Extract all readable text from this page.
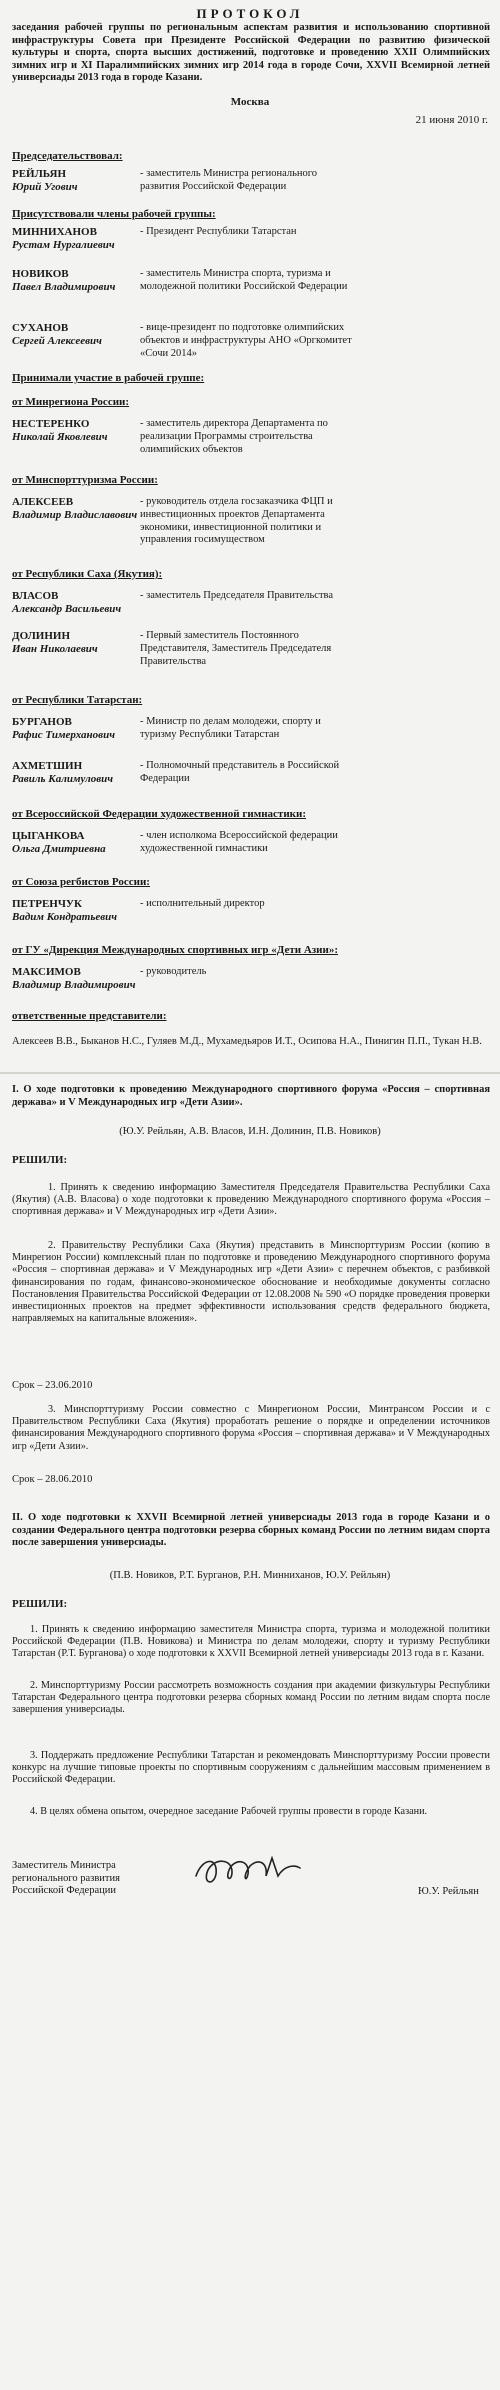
ПРОТОКОЛ
заседания рабочей группы по региональным аспектам развития и использованию спортивной инфраструктуры Совета при Президенте Российской Федерации по развитию физической культуры и спорта, спорта высших достижений, подготовке и проведению XXII Олимпийских зимних игр и XI Паралимпийских зимних игр 2014 года в городе Сочи, XXVII Всемирной летней универсиады 2013 года в городе Казани.
Москва
21 июня 2010 г.
Председательствовал:
РЕЙЛЬЯН
Юрий Угович
- заместитель Министра регионального развития Российской Федерации
Присутствовали члены рабочей группы:
МИННИХАНОВ
Рустам Нургалиевич
- Президент Республики Татарстан
НОВИКОВ
Павел Владимирович
- заместитель Министра спорта, туризма и молодежной политики Российской Федерации
СУХАНОВ
Сергей Алексеевич
- вице-президент по подготовке олимпийских объектов и инфраструктуры АНО «Оргкомитет «Сочи 2014»
Принимали участие в рабочей группе:
от Минрегиона России:
НЕСТЕРЕНКО
Николай Яковлевич
- заместитель директора Департамента по реализации Программы строительства олимпийских объектов
от Минспорттуризма России:
АЛЕКСЕЕВ
Владимир Владиславович
- руководитель отдела госзаказчика ФЦП и инвестиционных проектов Департамента экономики, инвестиционной политики и управления госимуществом
от Республики Саха (Якутия):
ВЛАСОВ
Александр Васильевич
- заместитель Председателя Правительства
ДОЛИНИН
Иван Николаевич
- Первый заместитель Постоянного Представителя, Заместитель Председателя Правительства
от Республики Татарстан:
БУРГАНОВ
Рафис Тимерханович
- Министр по делам молодежи, спорту и туризму Республики Татарстан
АХМЕТШИН
Равиль Калимулович
- Полномочный представитель в Российской Федерации
от Всероссийской Федерации художественной гимнастики:
ЦЫГАНКОВА
Ольга Дмитриевна
- член исполкома Всероссийской федерации художественной гимнастики
от Союза регбистов России:
ПЕТРЕНЧУК
Вадим Кондратьевич
- исполнительный директор
от ГУ «Дирекция Международных спортивных игр «Дети Азии»:
МАКСИМОВ
Владимир Владимирович
- руководитель
ответственные представители:
Алексеев В.В., Быканов Н.С., Гуляев М.Д., Мухамедьяров И.Т., Осипова Н.А., Пинигин П.П., Тукан Н.В.
I. О ходе подготовки к проведению Международного спортивного форума «Россия – спортивная держава» и V Международных игр «Дети Азии».
(Ю.У. Рейльян, А.В. Власов, И.Н. Долинин, П.В. Новиков)
РЕШИЛИ:
1. Принять к сведению информацию Заместителя Председателя Правительства Республики Саха (Якутия) (А.В. Власова) о ходе подготовки к проведению Международного спортивного форума «Россия – спортивная держава» и V Международных игр «Дети Азии».
2. Правительству Республики Саха (Якутия) представить в Минспорттуризм России (копию в Минрегион России) комплексный план по подготовке и проведению Международного спортивного форума «Россия – спортивная держава» и V Международных игр «Дети Азии» с перечнем объектов, с разбивкой финансирования по годам, финансово-экономическое обоснование и необходимые документы согласно Постановления Правительства Российской Федерации от 12.08.2008 № 590 «О порядке проведения проверки инвестиционных проектов на предмет эффективности использования средств федерального бюджета, направляемых на капитальные вложения».
Срок – 23.06.2010
3. Минспорттуризму России совместно с Минрегионом России, Минтрансом России и с Правительством Республики Саха (Якутия) проработать решение о порядке и определении источников финансирования Международного спортивного форума «Россия – спортивная держава» и V Международных игр «Дети Азии».
Срок – 28.06.2010
II. О ходе подготовки к XXVII Всемирной летней универсиады 2013 года в городе Казани и о создании Федерального центра подготовки резерва сборных команд России по летним видам спорта после завершения универсиады.
(П.В. Новиков, Р.Т. Бурганов, Р.Н. Минниханов, Ю.У. Рейльян)
РЕШИЛИ:
1. Принять к сведению информацию заместителя Министра спорта, туризма и молодежной политики Российской Федерации (П.В. Новикова) и Министра по делам молодежи, спорту и туризму Республики Татарстан (Р.Т. Бурганова) о ходе подготовки к XXVII Всемирной летней универсиады 2013 года в г. Казани.
2. Минспорттуризму России рассмотреть возможность создания при академии физкультуры Республики Татарстан Федерального центра подготовки резерва сборных команд России по летним видам спорта после завершения универсиады.
3. Поддержать предложение Республики Татарстан и рекомендовать Минспорттуризму России провести конкурс на лучшие типовые проекты по спортивным сооружениям с дальнейшим массовым применением в Российской Федерации.
4. В целях обмена опытом, очередное заседание Рабочей группы провести в городе Казани.
Заместитель Министра
регионального развития
Российской Федерации	Ю.У. Рейльян
